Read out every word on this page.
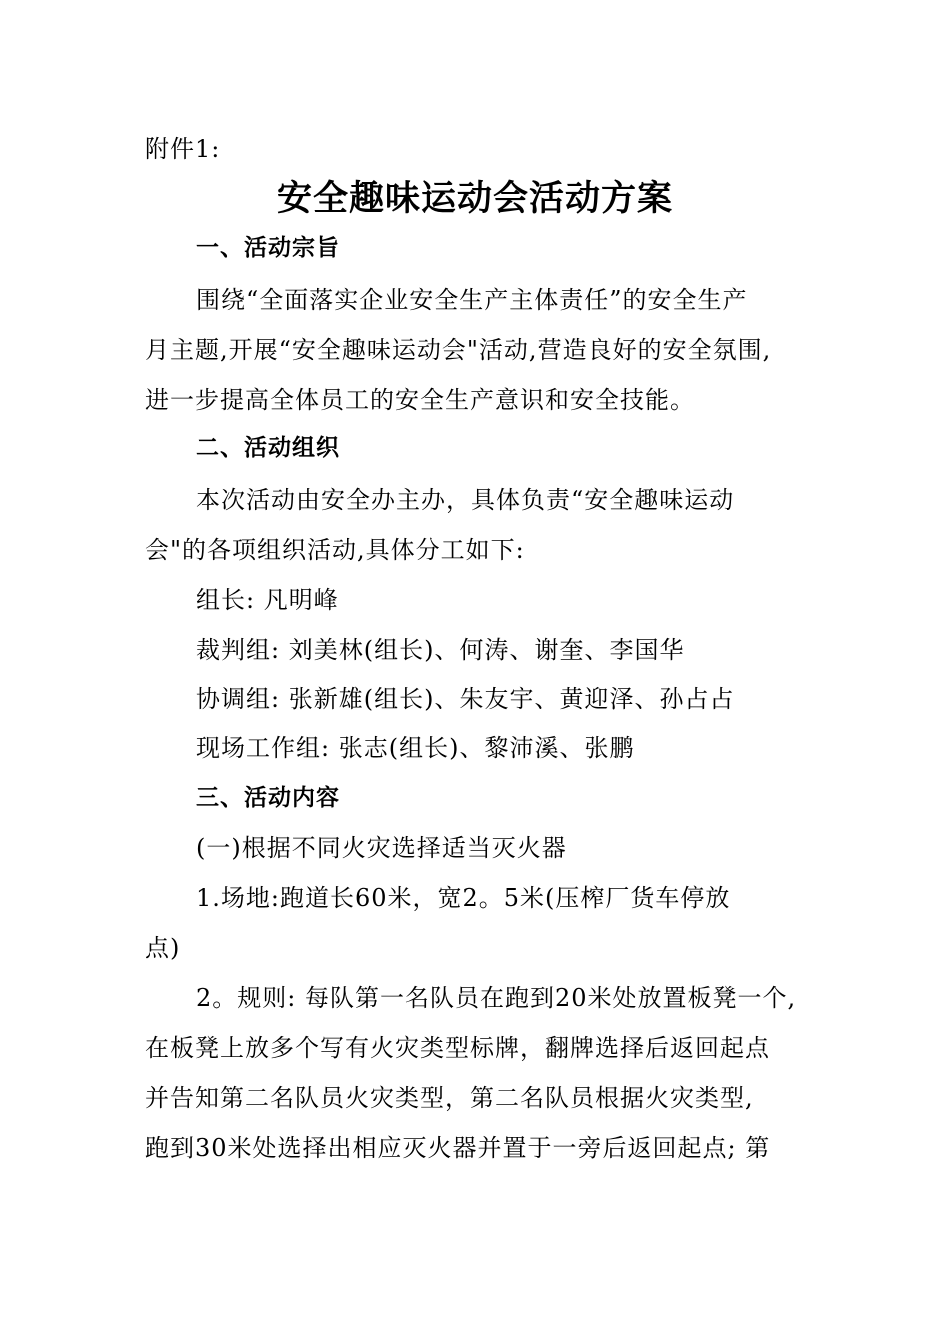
附件1:
安全趣味运动会活动方案
一、活动宗旨
围绕“全面落实企业安全生产主体责任”的安全生产
月主题,开展“安全趣味运动会"活动,营造良好的安全氛围,
进一步提高全体员工的安全生产意识和安全技能。
二、活动组织
本次活动由安全办主办，具体负责“安全趣味运动
会"的各项组织活动,具体分工如下:
组长: 凡明峰
裁判组: 刘美林(组长)、何涛、谢奎、李国华
协调组: 张新雄(组长)、朱友宇、黄迎泽、孙占占
现场工作组: 张志(组长)、黎沛溪、张鹏
三、活动内容
(一)根据不同火灾选择适当灭火器
1.场地:跑道长60米，宽2。5米(压榨厂货车停放
点)
2。规则: 每队第一名队员在跑到20米处放置板凳一个,
在板凳上放多个写有火灾类型标牌，翻牌选择后返回起点
并告知第二名队员火灾类型，第二名队员根据火灾类型,
跑到30米处选择出相应灭火器并置于一旁后返回起点; 第
